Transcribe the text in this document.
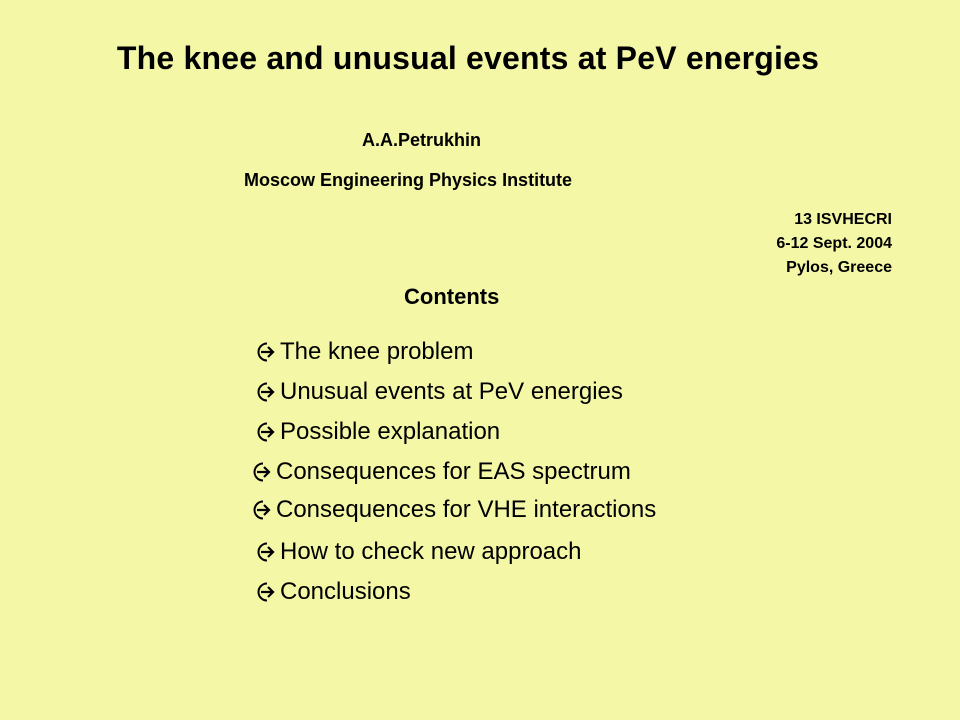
The knee and unusual events at PeV energies
A.A.Petrukhin
Moscow Engineering Physics Institute
13 ISVHECRI
6-12 Sept. 2004
Pylos, Greece
Contents
The knee problem
Unusual events at PeV energies
Possible explanation
Consequences for EAS spectrum
Consequences for VHE interactions
How to check new approach
Conclusions
